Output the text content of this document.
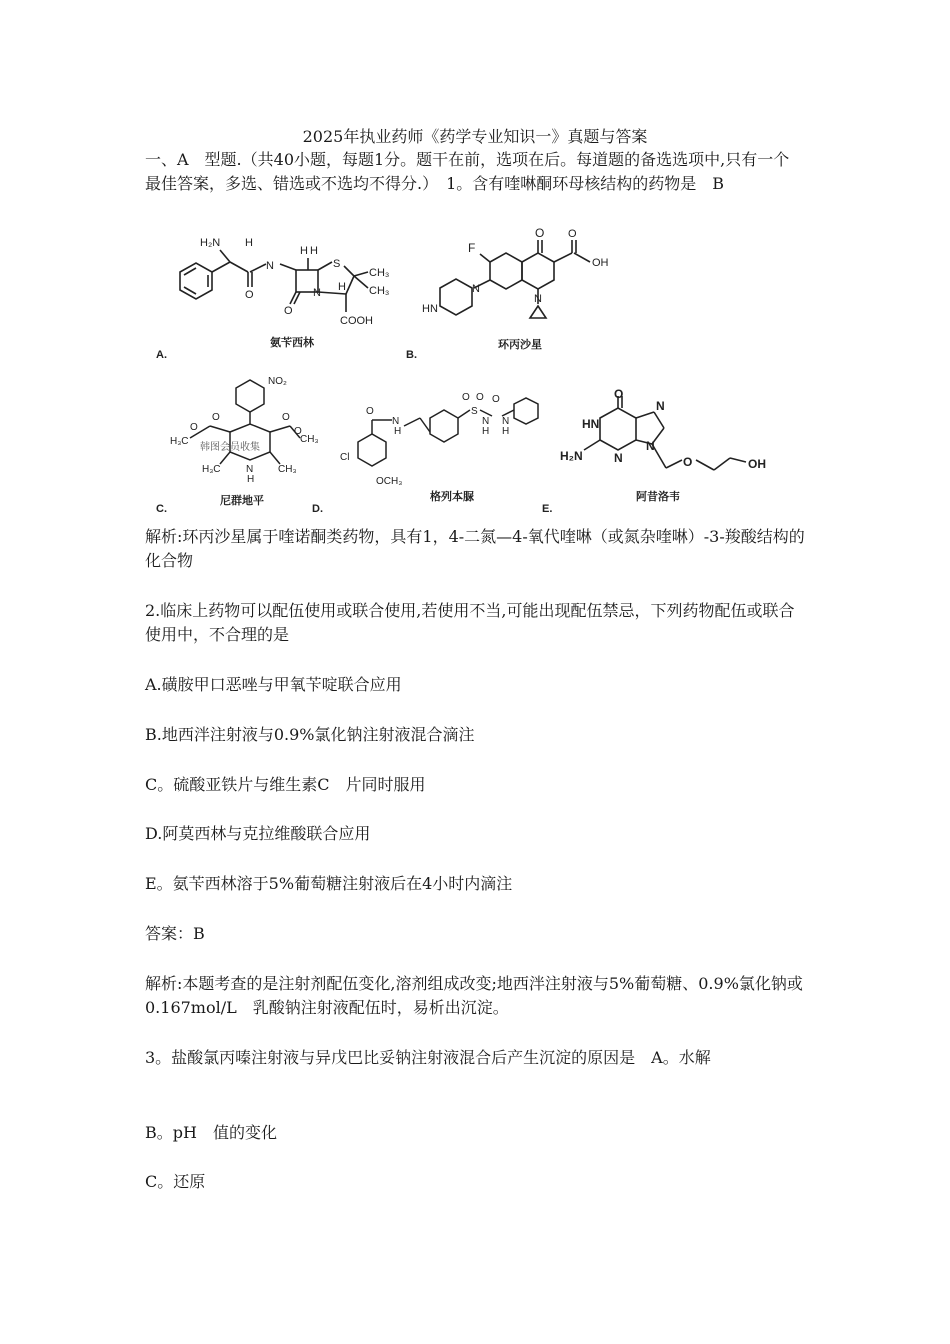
2025年执业药师《药学专业知识一》真题与答案
一、A　型题.（共40小题，每题1分。题干在前，选项在后。每道题的备选选项中,只有一个最佳答案，多选、错选或不选均不得分.）　1。含有喹啉酮环母核结构的药物是　B
H₂N H
H H
N	S
CH₃
CH₃
O
N H
COOH
O
氨苄西林
A.
F
O
OH
O
N
N
HN
N
环丙沙星
B.
NO₂
H₃C
O
O	O
O
CH₃
H₃C	N CH₃
H
韩图会员收集
尼群地平
C.
Cl
O
N
H
OCH₃
O O
S
N
H
N
H
O
格列本脲
D.
O
HN
H₂N	N
N
N
O	OH
阿昔洛韦
E.
解析:环丙沙星属于喹诺酮类药物，具有1，4-二氮—4-氧代喹啉（或氮杂喹啉）-3-羧酸结构的化合物
2.临床上药物可以配伍使用或联合使用,若使用不当,可能出现配伍禁忌，下列药物配伍或联合使用中，不合理的是
A.磺胺甲口恶唑与甲氧苄啶联合应用
B.地西泮注射液与0.9%氯化钠注射液混合滴注
C。硫酸亚铁片与维生素C　片同时服用
D.阿莫西林与克拉维酸联合应用
E。氨苄西林溶于5%葡萄糖注射液后在4小时内滴注
答案：B
解析:本题考查的是注射剂配伍变化,溶剂组成改变;地西泮注射液与5%葡萄糖、0.9%氯化钠或0.167mol/L　乳酸钠注射液配伍时，易析出沉淀。
3。盐酸氯丙嗪注射液与异戊巴比妥钠注射液混合后产生沉淀的原因是　A。水解
B。pH　值的变化
C。还原
